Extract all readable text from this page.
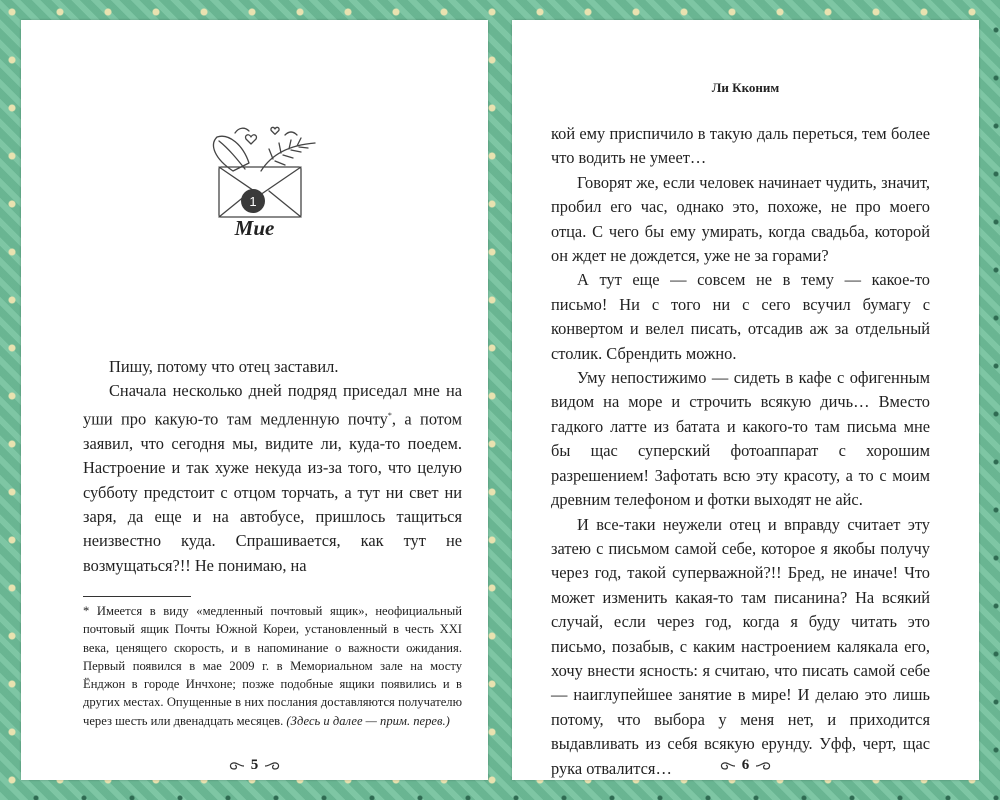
1
Мие

Пишу, потому что отец заставил.

Сначала несколько дней подряд приседал мне на уши про какую-то там медленную почту*, а потом заявил, что сегодня мы, видите ли, куда-то поедем. Настроение и так хуже некуда из-за того, что целую субботу предстоит с отцом торчать, а тут ни свет ни заря, да еще и на автобусе, пришлось тащиться неизвестно куда. Спрашивается, как тут не возмущаться?!! Не понимаю, на

* Имеется в виду «медленный почтовый ящик», неофициальный почтовый ящик Почты Южной Кореи, установленный в честь XXI века, ценящего скорость, и в напоминание о важности ожидания. Первый появился в мае 2009 г. в Мемориальном зале на мосту Ёнджон в городе Инчхоне; позже подобные ящики появились и в других местах. Опущенные в них послания доставляются получателю через шесть или двенадцать месяцев. (Здесь и далее — прим. перев.)

5
Ли Кконим

кой ему приспичило в такую даль переться, тем более что водить не умеет…

Говорят же, если человек начинает чудить, значит, пробил его час, однако это, похоже, не про моего отца. С чего бы ему умирать, когда свадьба, которой он ждет не дождется, уже не за горами?

А тут еще — совсем не в тему — какое-то письмо! Ни с того ни с сего всучил бумагу с конвертом и велел писать, отсадив аж за отдельный столик. Сбрендить можно.

Уму непостижимо — сидеть в кафе с офигенным видом на море и строчить всякую дичь… Вместо гадкого латте из батата и какого-то там письма мне бы щас суперский фотоаппарат с хорошим разрешением! Зафотать всю эту красоту, а то с моим древним телефоном и фотки выходят не айс.

И все-таки неужели отец и вправду считает эту затею с письмом самой себе, которое я якобы получу через год, такой суперважной?!! Бред, не иначе! Что может изменить какая-то там писанина? На всякий случай, если через год, когда я буду читать это письмо, позабыв, с каким настроением калякала его, хочу внести ясность: я считаю, что писать самой себе — наиглупейшее занятие в мире! И делаю это лишь потому, что выбора у меня нет, и приходится выдавливать из себя всякую ерунду. Уфф, черт, щас рука отвалится…	6
